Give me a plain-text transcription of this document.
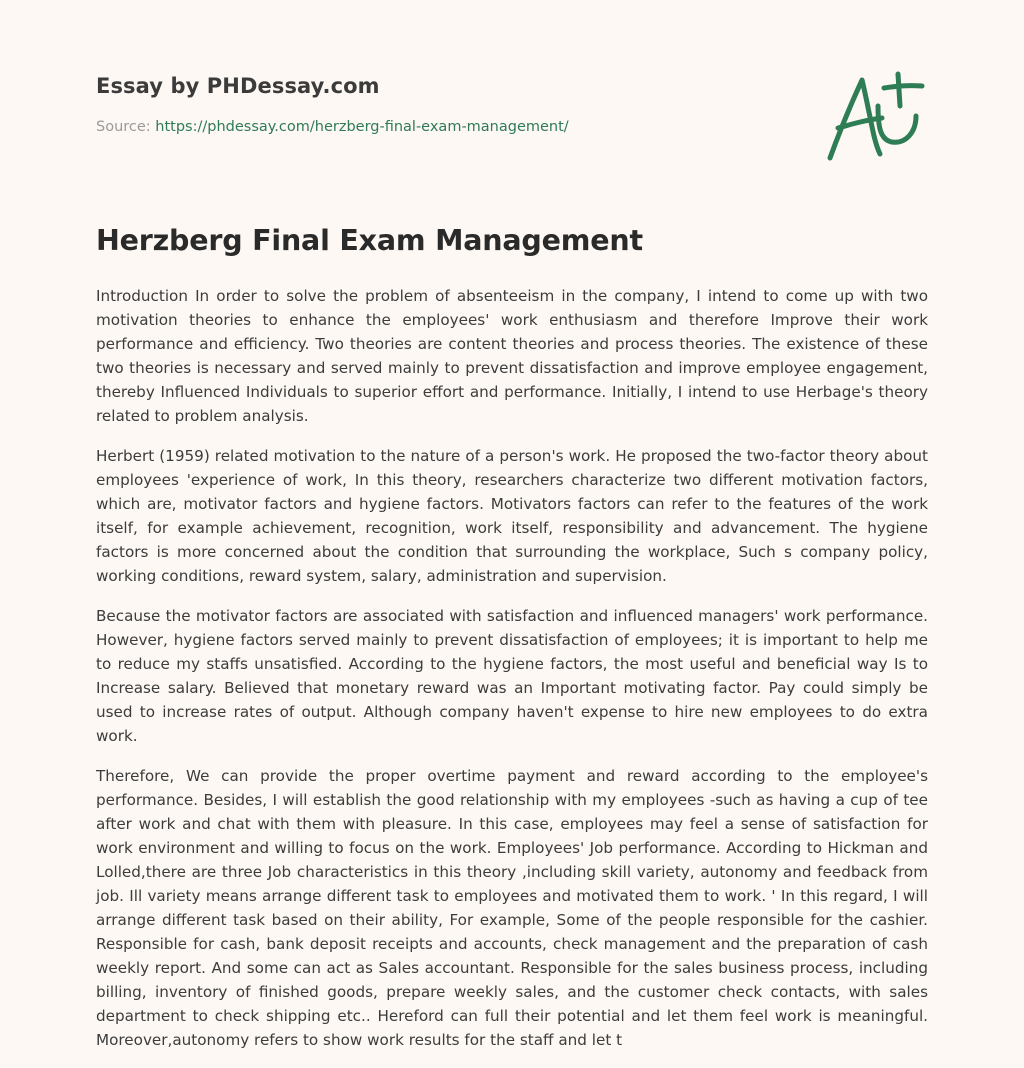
Essay by PHDessay.com
Source: https://phdessay.com/herzberg-final-exam-management/
Herzberg Final Exam Management

Introduction In order to solve the problem of absenteeism in the company, I intend to come up with two motivation theories to enhance the employees' work enthusiasm and therefore Improve their work performance and efficiency. Two theories are content theories and process theories. The existence of these two theories is necessary and served mainly to prevent dissatisfaction and improve employee engagement, thereby Influenced Individuals to superior effort and performance. Initially, I intend to use Herbage's theory related to problem analysis.

Herbert (1959) related motivation to the nature of a person's work. He proposed the two-factor theory about employees 'experience of work, In this theory, researchers characterize two different motivation factors, which are, motivator factors and hygiene factors. Motivators factors can refer to the features of the work itself, for example achievement, recognition, work itself, responsibility and advancement. The hygiene factors is more concerned about the condition that surrounding the workplace, Such s company policy, working conditions, reward system, salary, administration and supervision.

Because the motivator factors are associated with satisfaction and influenced managers' work performance. However, hygiene factors served mainly to prevent dissatisfaction of employees; it is important to help me to reduce my staffs unsatisfied. According to the hygiene factors, the most useful and beneficial way Is to Increase salary. Believed that monetary reward was an Important motivating factor. Pay could simply be used to increase rates of output. Although company haven't expense to hire new employees to do extra work.

Therefore, We can provide the proper overtime payment and reward according to the employee's performance. Besides, I will establish the good relationship with my employees -such as having a cup of tee after work and chat with them with pleasure. In this case, employees may feel a sense of satisfaction for work environment and willing to focus on the work. Employees' Job performance. According to Hickman and Lolled,there are three Job characteristics in this theory ,including skill variety, autonomy and feedback from job. Ill variety means arrange different task to employees and motivated them to work. ' In this regard, I will arrange different task based on their ability, For example, Some of the people responsible for the cashier. Responsible for cash, bank deposit receipts and accounts, check management and the preparation of cash weekly report. And some can act as Sales accountant. Responsible for the sales business process, including billing, inventory of finished goods, prepare weekly sales, and the customer check contacts, with sales department to check shipping etc.. Hereford can full their potential and let them feel work is meaningful. Moreover,autonomy refers to show work results for the staff and let t
